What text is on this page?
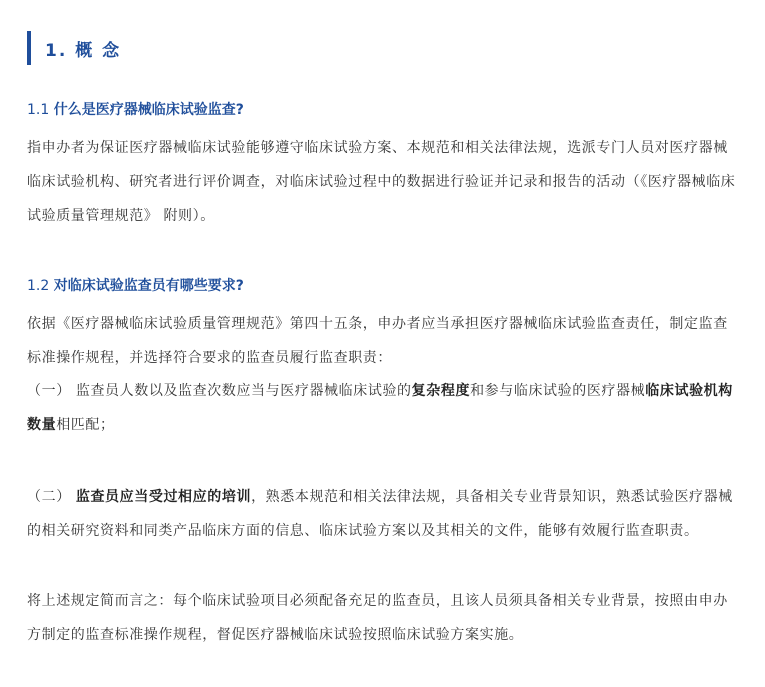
1. 概 念
1.1 什么是医疗器械临床试验监查?

指申办者为保证医疗器械临床试验能够遵守临床试验方案、本规范和相关法律法规，选派专门人员对医疗器械临床试验机构、研究者进行评价调查，对临床试验过程中的数据进行验证并记录和报告的活动（《医疗器械临床试验质量管理规范》 附则）。

1.2 对临床试验监查员有哪些要求?

依据《医疗器械临床试验质量管理规范》第四十五条，申办者应当承担医疗器械临床试验监查责任，制定监查标准操作规程，并选择符合要求的监查员履行监查职责：

（一） 监查员人数以及监查次数应当与医疗器械临床试验的复杂程度和参与临床试验的医疗器械临床试验机构数量相匹配；

（二） 监查员应当受过相应的培训，熟悉本规范和相关法律法规，具备相关专业背景知识，熟悉试验医疗器械的相关研究资料和同类产品临床方面的信息、临床试验方案以及其相关的文件，能够有效履行监查职责。

将上述规定简而言之：每个临床试验项目必须配备充足的监查员，且该人员须具备相关专业背景，按照由申办方制定的监查标准操作规程，督促医疗器械临床试验按照临床试验方案实施。
